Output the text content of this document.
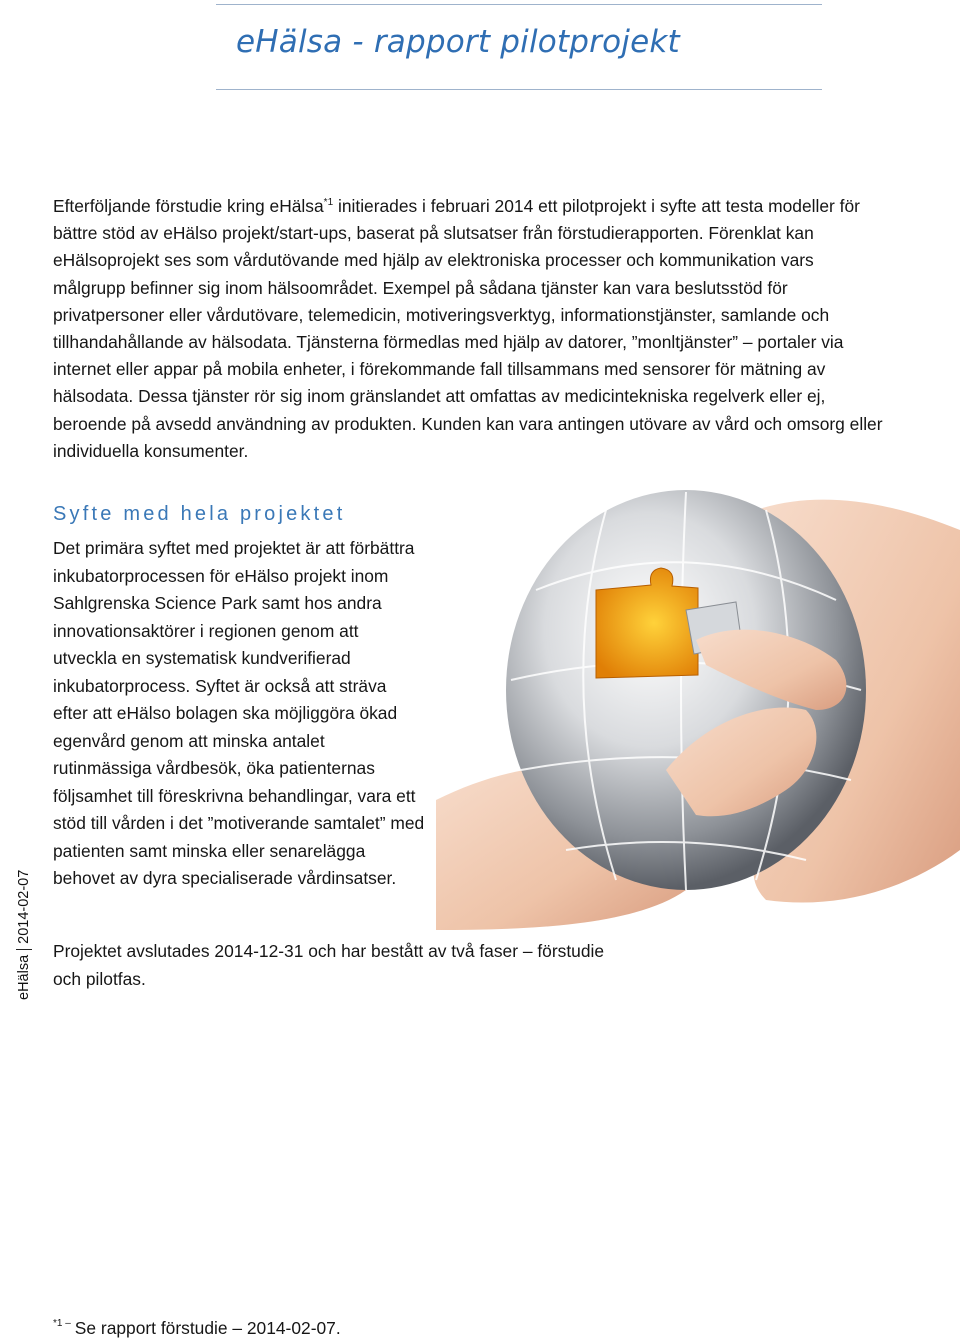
eHälsa - rapport pilotprojekt

Efterföljande förstudie kring eHälsa$^{*1}$ initierades i februari 2014 ett pilotprojekt i syfte att testa modeller för bättre stöd av eHälso projekt/start-ups, baserat på slutsatser från förstudierapporten. Förenklat kan eHälsoprojekt ses som vårdutövande med hjälp av elektroniska processer och kommunikation vars målgrupp befinner sig inom hälsoområdet. Exempel på sådana tjänster kan vara beslutsstöd för privatpersoner eller vårdutövare, telemedicin, motiveringsverktyg, informationstjänster, samlande och tillhandahållande av hälsodata. Tjänsterna förmedlas med hjälp av datorer, ”monltjänster” – portaler via internet eller appar på mobila enheter, i förekommande fall tillsammans med sensorer för mätning av hälsodata. Dessa tjänster rör sig inom gränslandet att omfattas av medicintekniska regelverk eller ej, beroende på avsedd användning av produkten. Kunden kan vara antingen utövare av vård och omsorg eller individuella konsumenter.

Syfte med hela projektet

Det primära syftet med projektet är att förbättra inkubatorprocessen för eHälso projekt inom Sahlgrenska Science Park samt hos andra innovationsaktörer i regionen genom att utveckla en systematisk kundverifierad inkubatorprocess. Syftet är också att sträva efter att eHälso bolagen ska möjliggöra ökad egenvård genom att minska antalet rutinmässiga vårdbesök, öka patienternas följsamhet till föreskrivna behandlingar, vara ett stöd till vården i det ”motiverande samtalet” med patienten samt minska eller senarelägga behovet av dyra specialiserade vårdinsatser.

Projektet avslutades 2014-12-31 och har bestått av två faser – förstudie och pilotfas.

eHälsa2014-02-07

$^{*1 -}$ Se rapport förstudie – 2014-02-07.
